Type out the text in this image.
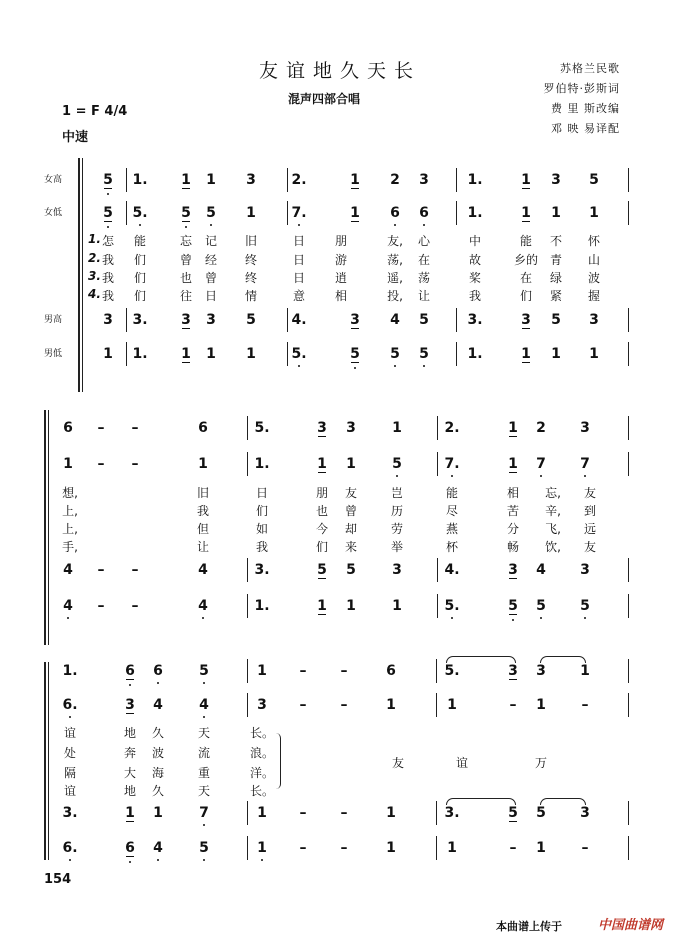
友谊地久天长
混声四部合唱
苏格兰民歌
罗伯特·彭斯词
费 里 斯改编
邓 映 易译配
1 = F 4/4
中速
女高
女低
男高
男低
5 1. 1 1 3	2.	1 2 3	1.	1 3 5
5 5. 5 5 1	7.	1 6 6	1.	1 1 1
3 3. 3 3 5	4.	3 4 5	3.	3 5 3
1 1. 1 1 1	5.	5 5 5	1.	1 1 1
1. 怎	能	忘	记	旧	日	朋	友,	心	中	能	不	怀
2. 我	们	曾	经	终	日	游	荡,	在	故	乡的 青	山
3. 我	们	也	曾	终	日	逍	遥,	荡	桨	在	绿	波
4. 我	们	往	日	情	意	相	投,	让	我	们	紧	握
6	–	–	6	5.	3 3	1	2.	1 2 3
1	–	–	1	1.	1 1	5	7.	1 7 7
4	–	–	4	3.	5 5	3	4.	3 4 3
4	–	–	4	1.	1 1	1	5.	5 5 5
想,	旧	日	朋	友	岂	能	相	忘,	友
上,	我	们	也	曾	历	尽	苦	辛,	到
上,	但	如	今	却	劳	燕	分	飞,	远
手,	让	我	们	来	举	杯	畅	饮,	友
1.	6 6	5	1	–	–	6	5.	3 3 1
6.	3 4	4	3	–	–	1	1	–	1	–
3.	1 1	7	1	–	–	1	3.	5 5 3
6.	6 4	5	1	–	–	1	1	–	1	–
谊	地	久	天	长。
处	奔	波	流	浪。
隔	大	海	重	洋。
谊	地	久	天	长。
友	谊	万
154
本曲谱上传于	中国曲谱网
